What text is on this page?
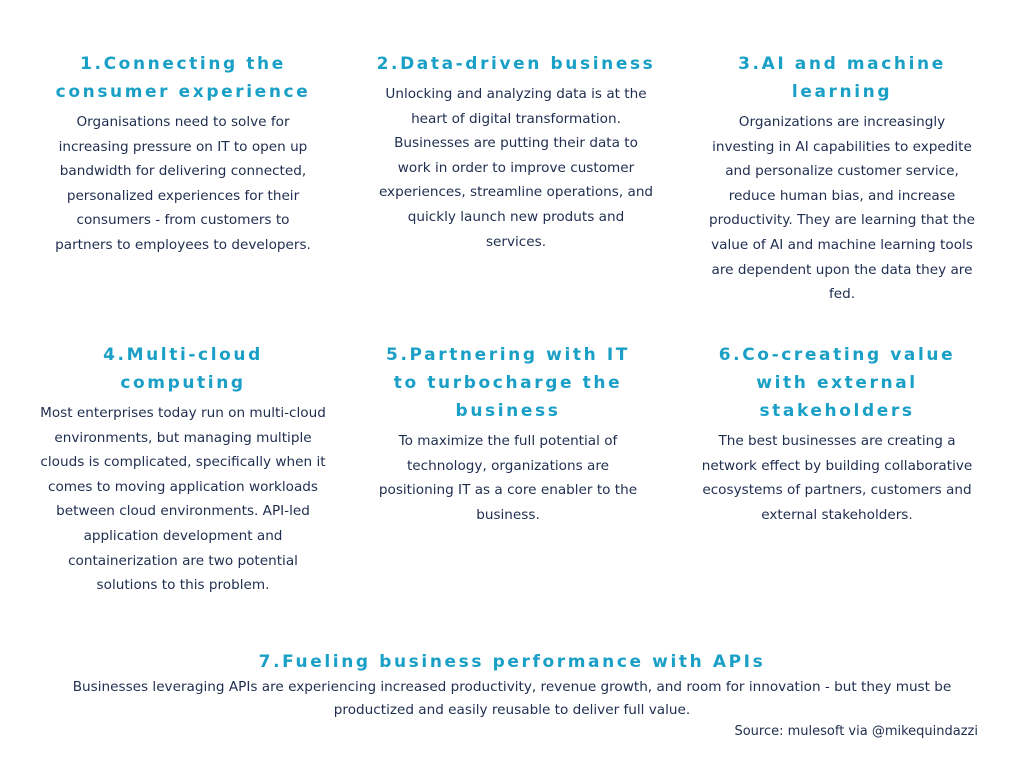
1.Connecting the consumer experience

Organisations need to solve for increasing pressure on IT to open up bandwidth for delivering connected, personalized experiences for their consumers - from customers to partners to employees to developers.

2.Data-driven business

Unlocking and analyzing data is at the heart of digital transformation. Businesses are putting their data to work in order to improve customer experiences, streamline operations, and quickly launch new produts and services.

3.AI and machine learning

Organizations are increasingly investing in AI capabilities to expedite and personalize customer service, reduce human bias, and increase productivity. They are learning that the value of AI and machine learning tools are dependent upon the data they are fed.

4.Multi-cloud computing

Most enterprises today run on multi-cloud environments, but managing multiple clouds is complicated, specifically when it comes to moving application workloads between cloud environments. API-led application development and containerization are two potential solutions to this problem.

5.Partnering with IT to turbocharge the business

To maximize the full potential of technology, organizations are positioning IT as a core enabler to the business.

6.Co-creating value with external stakeholders

The best businesses are creating a network effect by building collaborative ecosystems of partners, customers and external stakeholders.

7.Fueling business performance with APIs

Businesses leveraging APIs are experiencing increased productivity, revenue growth, and room for innovation - but they must be productized and easily reusable to deliver full value.

Source: mulesoft via @mikequindazzi
